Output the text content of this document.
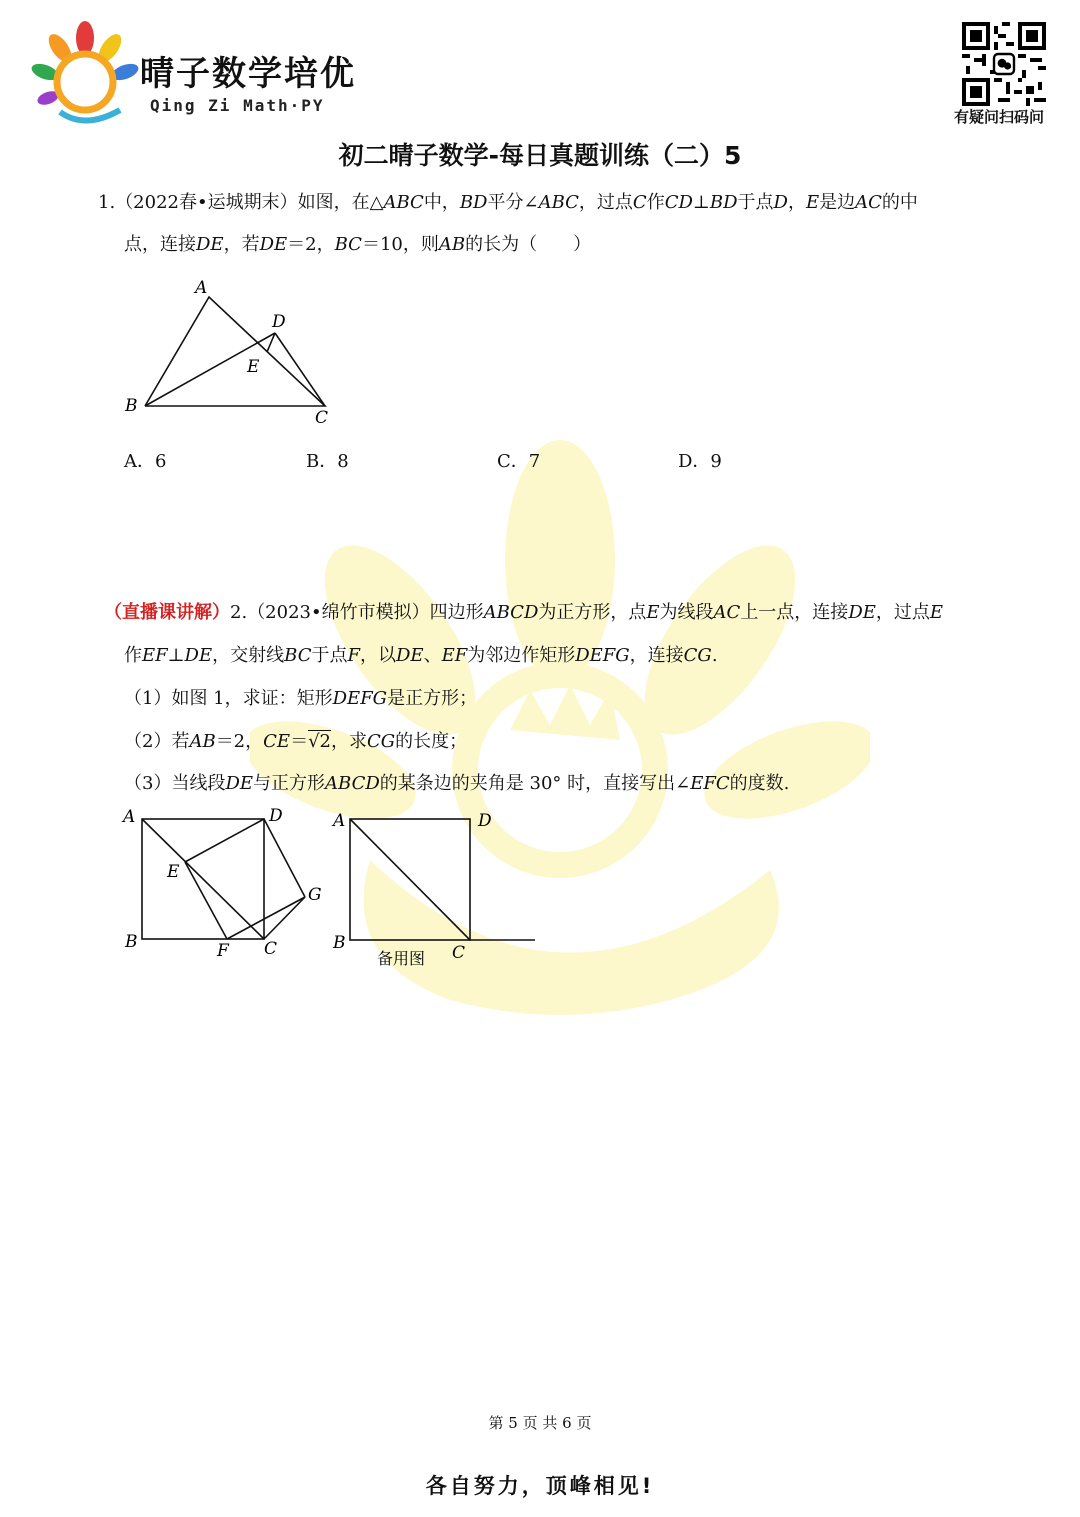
晴子数学培优
Qing Zi Math·PY
有疑问扫码问
初二晴子数学-每日真题训练（二）5
1.（2022春•运城期末）如图，在△ABC中，BD平分∠ABC，过点C作CD⊥BD于点D，E是边AC的中
点，连接DE，若DE＝2，BC＝10，则AB的长为（　　）
A
B
C
D
E
A．6	B．8	C．7	D．9
（直播课讲解）2.（2023•绵竹市模拟）四边形ABCD为正方形，点E为线段AC上一点，连接DE，过点E
作EF⊥DE，交射线BC于点F，以DE、EF为邻边作矩形DEFG，连接CG.
（1）如图 1，求证：矩形DEFG是正方形；
（2）若AB＝2，CE＝√2，求CG的长度；
（3）当线段DE与正方形ABCD的某条边的夹角是 30° 时，直接写出∠EFC的度数.
A
B	C
D
E
F
G
A
B	C
D
备用图
第 5 页 共 6 页
各自努力，顶峰相见!
